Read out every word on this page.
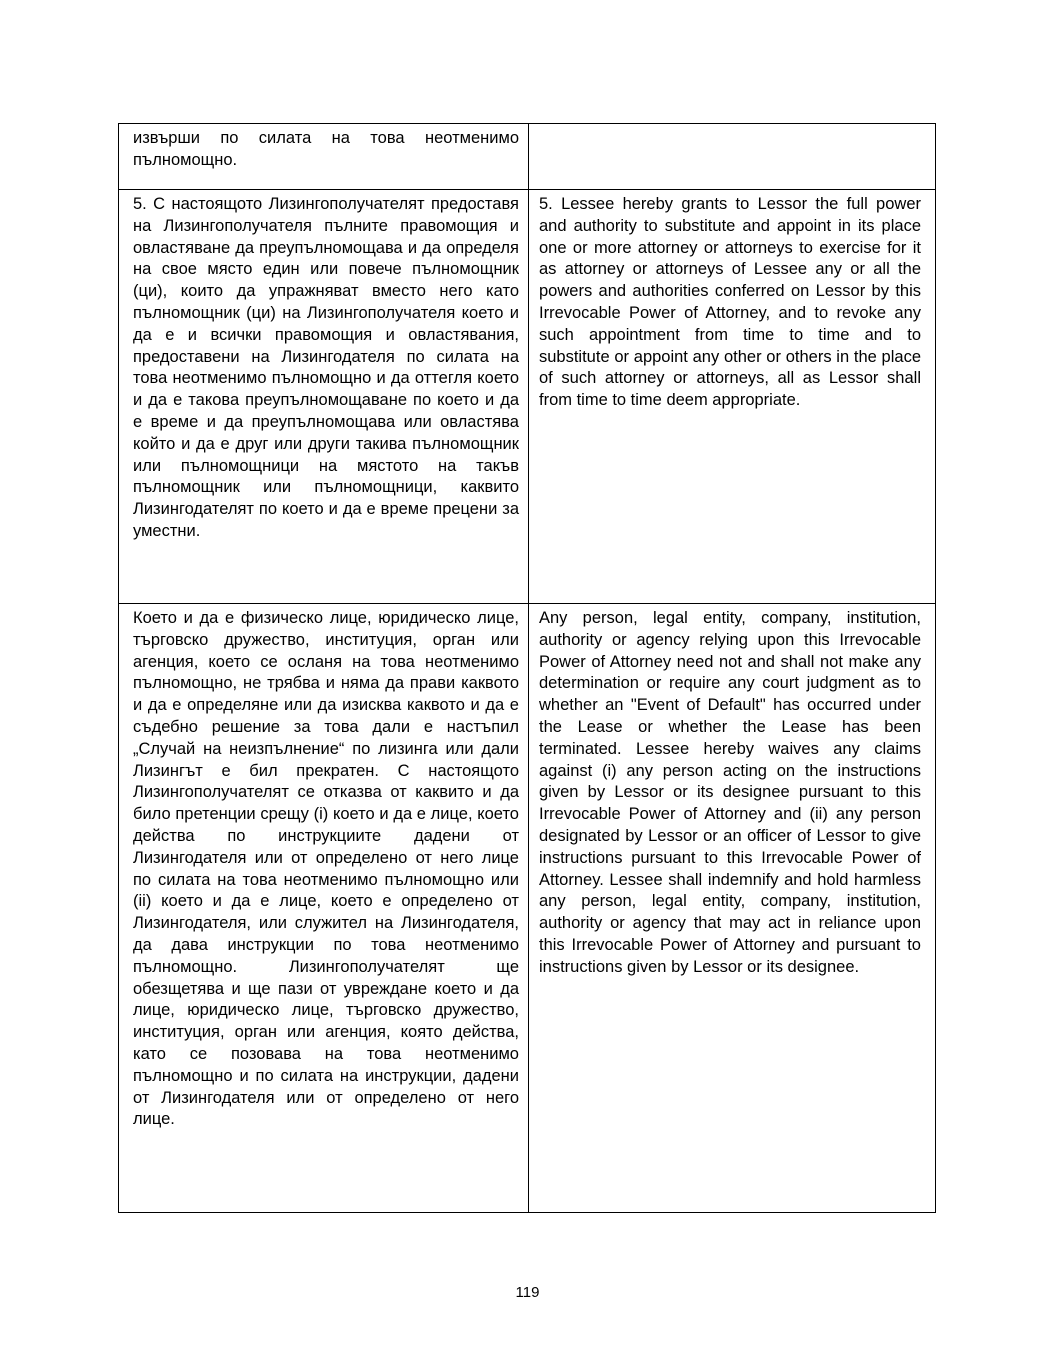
извърши по силата на това неотменимо пълномощно.
5. С настоящото Лизингополучателят предоставя на Лизингополучателя пълните правомощия и овластяване да преупълномощава и да определя на свое място един или повече пълномощник (ци), които да упражняват вместо него като пълномощник (ци) на Лизингополучателя което и да е и всички правомощия и овластявания, предоставени на Лизингодателя по силата на това неотменимо пълномощно и да оттегля което и да е такова преупълномощаване по което и да е време и да преупълномощава или овластява който и да е друг или други такива пълномощник или пълномощници на мястото на такъв пълномощник или пълномощници, каквито Лизингодателят по което и да е време прецени за уместни.
5. Lessee hereby grants to Lessor the full power and authority to substitute and appoint in its place one or more attorney or attorneys to exercise for it as attorney or attorneys of Lessee any or all the powers and authorities conferred on Lessor by this Irrevocable Power of Attorney, and to revoke any such appointment from time to time and to substitute or appoint any other or others in the place of such attorney or attorneys, all as Lessor shall from time to time deem appropriate.
Което и да е физическо лице, юридическо лице, търговско дружество, институция, орган или агенция, което се осланя на това неотменимо пълномощно, не трябва и няма да прави каквото и да е определяне или да изисква каквото и да е съдебно решение за това дали е настъпил „Случай на неизпълнение“ по лизинга или дали Лизингът е бил прекратен. С настоящото Лизингополучателят се отказва от каквито и да било претенции срещу (i) което и да е лице, което действа по инструкциите дадени от Лизингодателя или от определено от него лице по силата на това неотменимо пълномощно или (ii) което и да е лице, което е определено от Лизингодателя, или служител на Лизингодателя, да дава инструкции по това неотменимо пълномощно. Лизингополучателят ще обезщетява и ще пази от увреждане което и да лице, юридическо лице, търговско дружество, институция, орган или агенция, която действа, като се позовава на това неотменимо пълномощно и по силата на инструкции, дадени от Лизингодателя или от определено от него лице.
Any person, legal entity, company, institution, authority or agency relying upon this Irrevocable Power of Attorney need not and shall not make any determination or require any court judgment as to whether an "Event of Default" has occurred under the Lease or whether the Lease has been terminated. Lessee hereby waives any claims against (i) any person acting on the instructions given by Lessor or its designee pursuant to this Irrevocable Power of Attorney and (ii) any person designated by Lessor or an officer of Lessor to give instructions pursuant to this Irrevocable Power of Attorney. Lessee shall indemnify and hold harmless any person, legal entity, company, institution, authority or agency that may act in reliance upon this Irrevocable Power of Attorney and pursuant to instructions given by Lessor or its designee.
119
